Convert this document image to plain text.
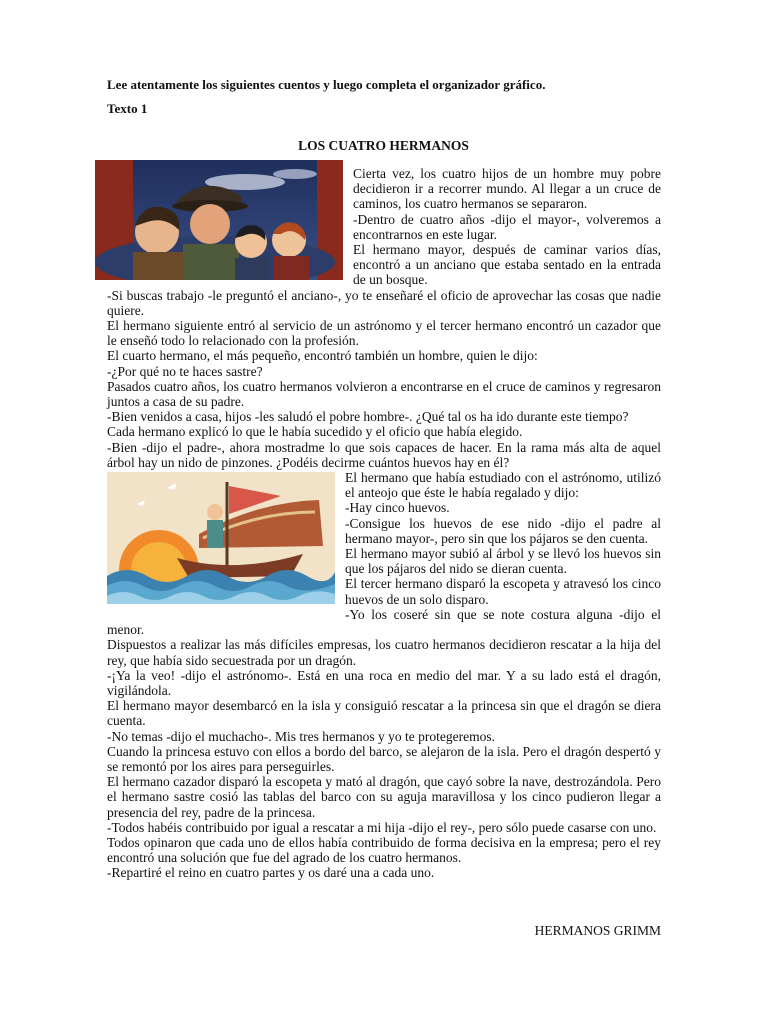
Lee atentamente los siguientes cuentos y luego completa el organizador gráfico.
Texto 1
LOS CUATRO HERMANOS

Cierta vez, los cuatro hijos de un hombre muy pobre decidieron ir a recorrer mundo. Al llegar a un cruce de caminos, los cuatro hermanos se separaron.

-Dentro de cuatro años -dijo el mayor-, volveremos a encontrarnos en este lugar.

El hermano mayor, después de caminar varios días, encontró a un anciano que estaba sentado en la entrada de un bosque.

-Si buscas trabajo -le preguntó el anciano-, yo te enseñaré el oficio de aprovechar las cosas que nadie quiere.

El hermano siguiente entró al servicio de un astrónomo y el tercer hermano encontró un cazador que le enseñó todo lo relacionado con la profesión.

El cuarto hermano, el más pequeño, encontró también un hombre, quien le dijo:

-¿Por qué no te haces sastre?

Pasados cuatro años, los cuatro hermanos volvieron a encontrarse en el cruce de caminos y regresaron juntos a casa de su padre.

-Bien venidos a casa, hijos -les saludó el pobre hombre-. ¿Qué tal os ha ido durante este tiempo?

Cada hermano explicó lo que le había sucedido y el oficio que había elegido.

-Bien -dijo el padre-, ahora mostradme lo que sois capaces de hacer. En la rama más alta de aquel árbol hay un nido de pinzones. ¿Podéis decirme cuántos huevos hay en él?

El hermano que había estudiado con el astrónomo, utilizó el anteojo que éste le había regalado y dijo:

-Hay cinco huevos.

-Consigue los huevos de ese nido -dijo el padre al hermano mayor-, pero sin que los pájaros se den cuenta.

El hermano mayor subió al árbol y se llevó los huevos sin que los pájaros del nido se dieran cuenta.

El tercer hermano disparó la escopeta y atravesó los cinco huevos de un solo disparo.

-Yo los coseré sin que se note costura alguna -dijo el menor.

Dispuestos a realizar las más difíciles empresas, los cuatro hermanos decidieron rescatar a la hija del rey, que había sido secuestrada por un dragón.

-¡Ya la veo! -dijo el astrónomo-. Está en una roca en medio del mar. Y a su lado está el dragón, vigilándola.

El hermano mayor desembarcó en la isla y consiguió rescatar a la princesa sin que el dragón se diera cuenta.

-No temas -dijo el muchacho-. Mis tres hermanos y yo te protegeremos.

Cuando la princesa estuvo con ellos a bordo del barco, se alejaron de la isla. Pero el dragón despertó y se remontó por los aires para perseguirles.

El hermano cazador disparó la escopeta y mató al dragón, que cayó sobre la nave, destrozándola. Pero el hermano sastre cosió las tablas del barco con su aguja maravillosa y los cinco pudieron llegar a presencia del rey, padre de la princesa.

-Todos habéis contribuido por igual a rescatar a mi hija -dijo el rey-, pero sólo puede casarse con uno.

Todos opinaron que cada uno de ellos había contribuido de forma decisiva en la empresa; pero el rey encontró una solución que fue del agrado de los cuatro hermanos.

-Repartiré el reino en cuatro partes y os daré una a cada uno.

HERMANOS GRIMM
